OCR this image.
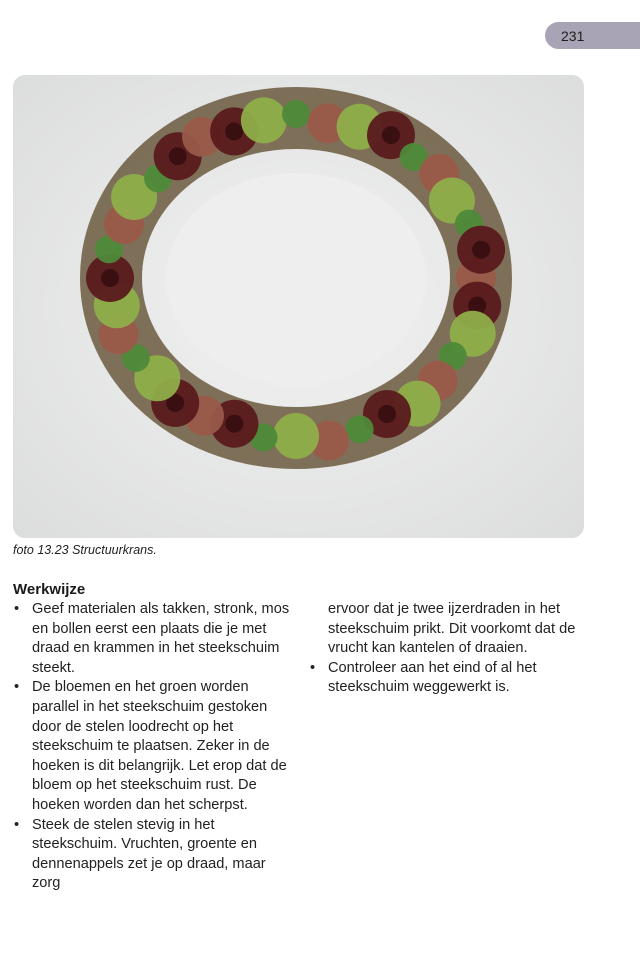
231
foto 13.23 Structuurkrans.
Werkwijze

• Geef materialen als takken, stronk, mos en bollen eerst een plaats die je met draad en krammen in het steekschuim steekt.

• De bloemen en het groen worden parallel in het steekschuim gestoken door de stelen loodrecht op het steekschuim te plaatsen. Zeker in de hoeken is dit belangrijk. Let erop dat de bloem op het steekschuim rust. De hoeken worden dan het scherpst.

• Steek de stelen stevig in het steekschuim. Vruchten, groente en dennenappels zet je op draad, maar zorg

ervoor dat je twee ijzerdraden in het steekschuim prikt. Dit voorkomt dat de vrucht kan kantelen of draaien.

• Controleer aan het eind of al het steekschuim weggewerkt is.
